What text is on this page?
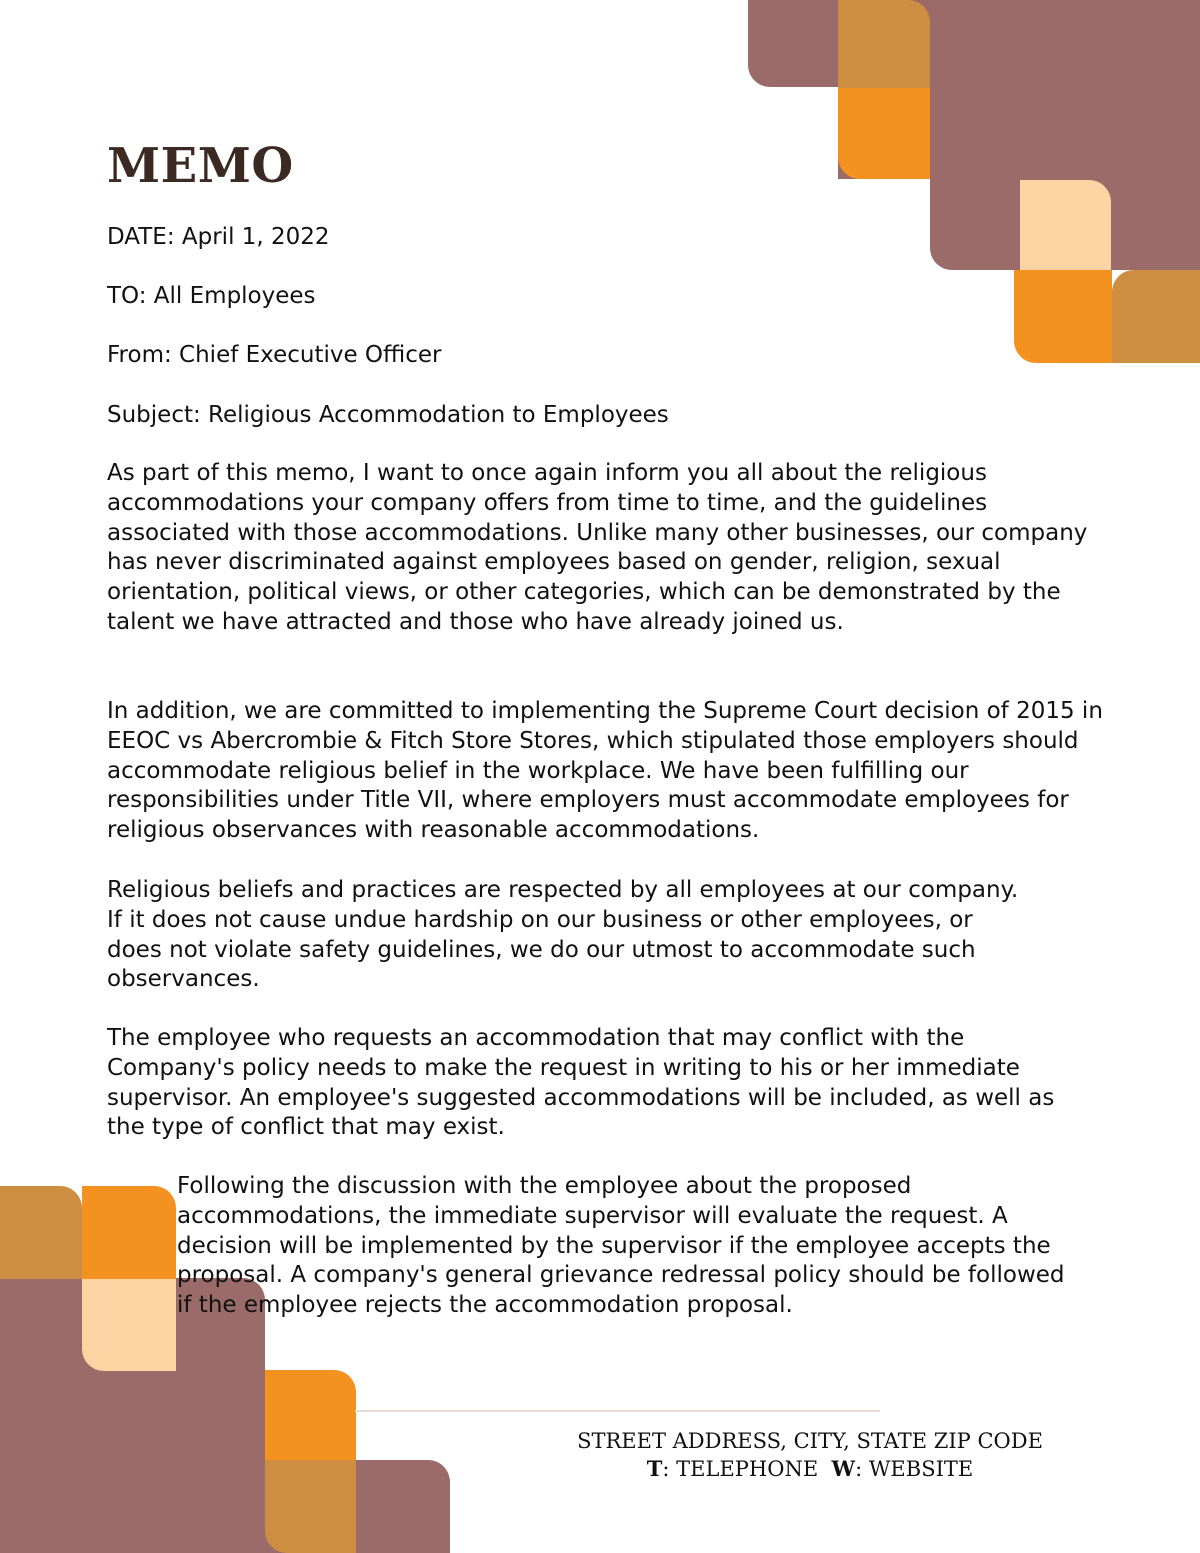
MEMO

DATE: April 1, 2022

TO: All Employees

From: Chief Executive Officer

Subject: Religious Accommodation to Employees

As part of this memo, I want to once again inform you all about the religious accommodations your company offers from time to time, and the guidelines associated with those accommodations. Unlike many other businesses, our company has never discriminated against employees based on gender, religion, sexual orientation, political views, or other categories, which can be demonstrated by the talent we have attracted and those who have already joined us.

In addition, we are committed to implementing the Supreme Court decision of 2015 in EEOC vs Abercrombie & Fitch Store Stores, which stipulated those employers should accommodate religious belief in the workplace. We have been fulfilling our responsibilities under Title VII, where employers must accommodate employees for religious observances with reasonable accommodations.

Religious beliefs and practices are respected by all employees at our company. If it does not cause undue hardship on our business or other employees, or does not violate safety guidelines, we do our utmost to accommodate such observances.

The employee who requests an accommodation that may conflict with the Company's policy needs to make the request in writing to his or her immediate supervisor. An employee's suggested accommodations will be included, as well as the type of conflict that may exist.

Following the discussion with the employee about the proposed accommodations, the immediate supervisor will evaluate the request. A decision will be implemented by the supervisor if the employee accepts the proposal. A company's general grievance redressal policy should be followed if the employee rejects the accommodation proposal.

STREET ADDRESS, CITY, STATE ZIP CODE

T: TELEPHONE  W: WEBSITE
